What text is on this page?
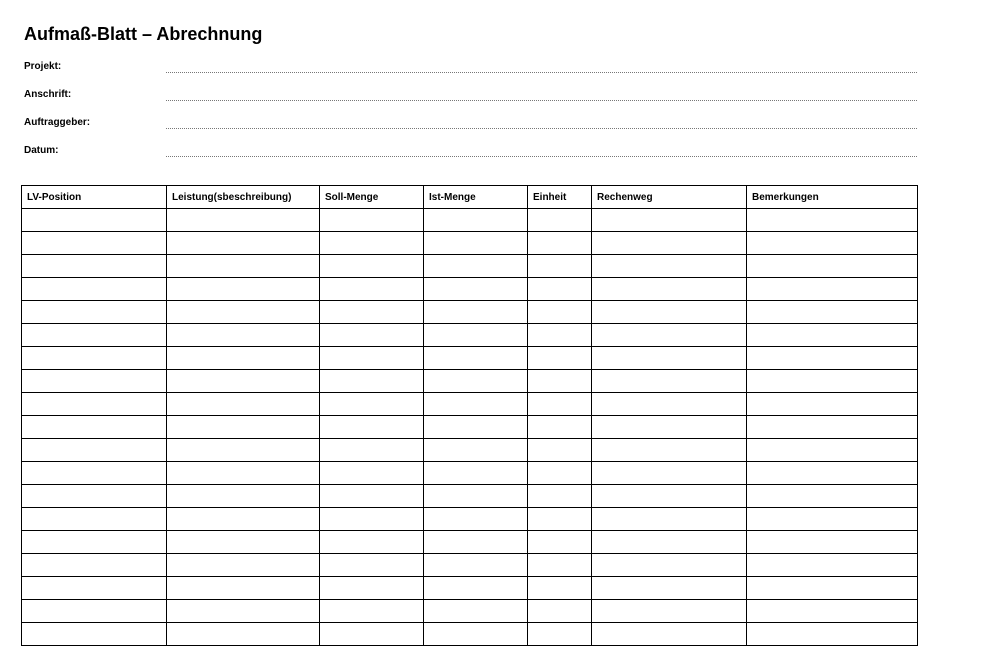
Aufmaß-Blatt – Abrechnung
Projekt:
Anschrift:
Auftraggeber:
Datum:
LV-Position	Leistung(sbeschreibung)	Soll-Menge	Ist-Menge	Einheit	Rechenweg	Bemerkungen
